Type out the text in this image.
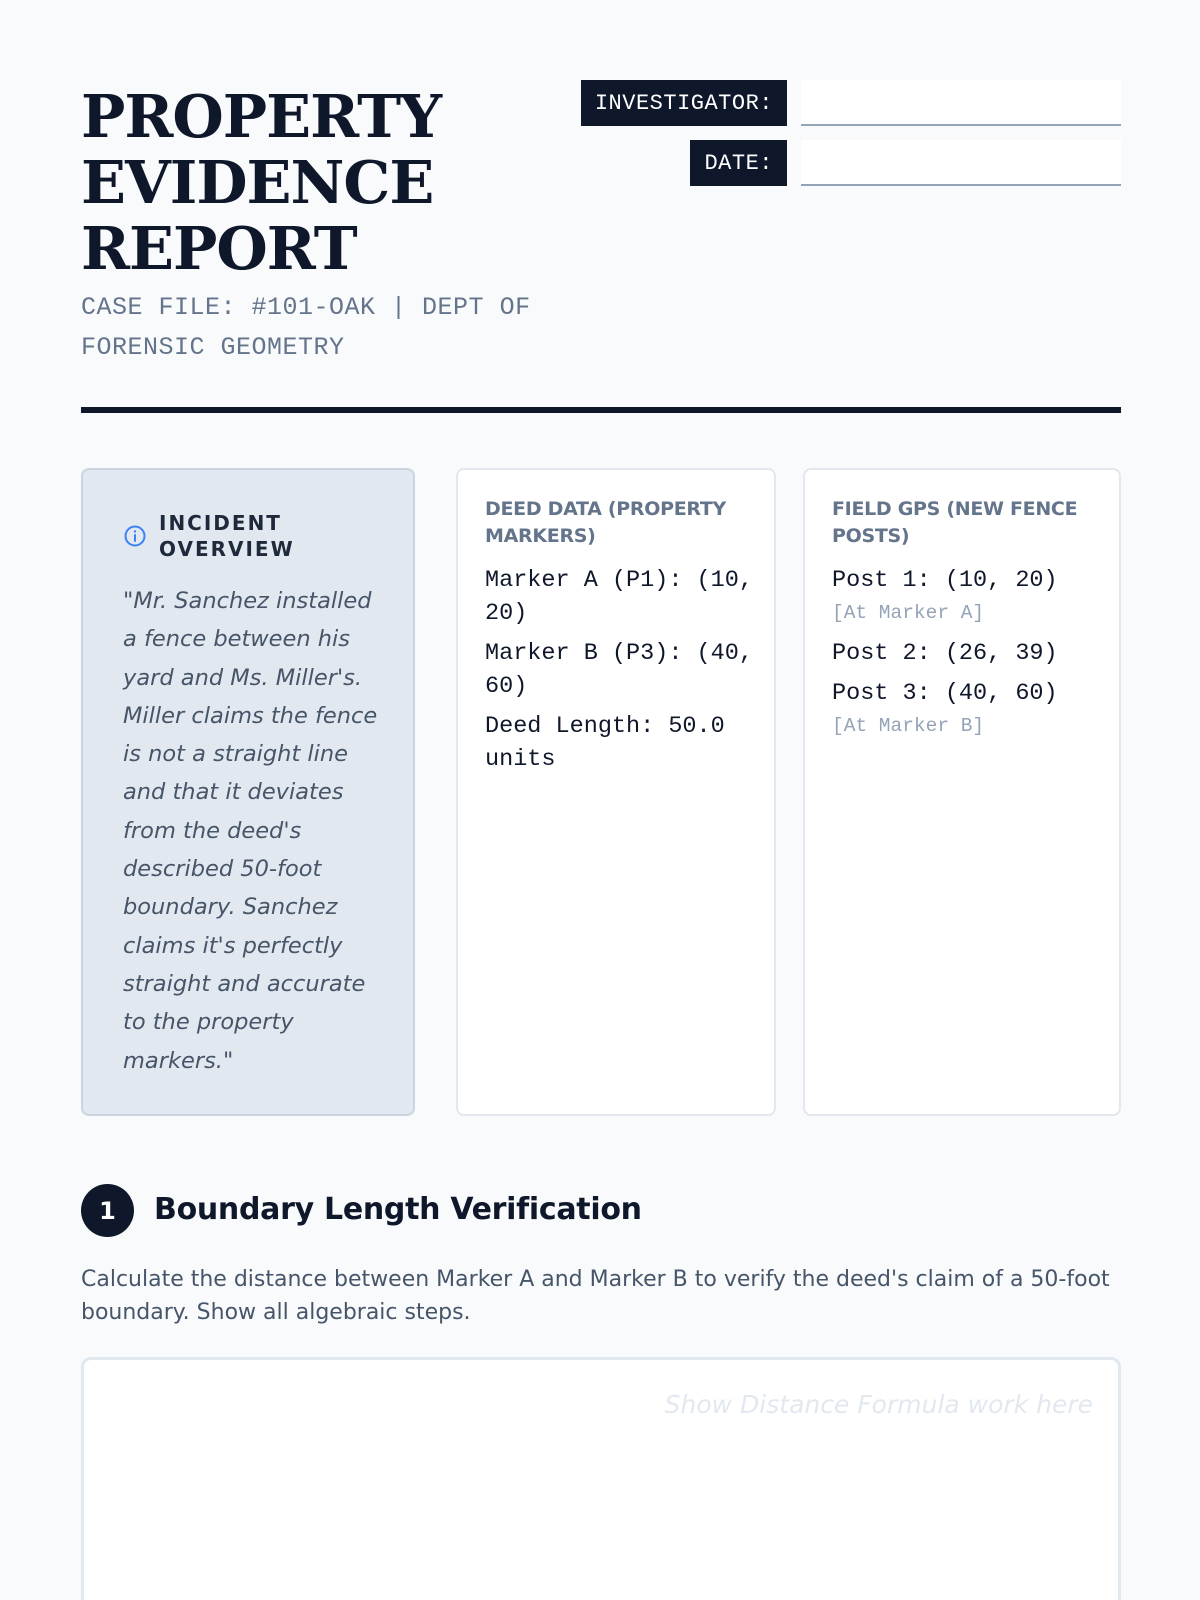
PROPERTY
EVIDENCE
REPORT
CASE FILE: #101-OAK | DEPT OF FORENSIC GEOMETRY
INVESTIGATOR:
DATE:
INCIDENT OVERVIEW
"Mr. Sanchez installed a fence between his yard and Ms. Miller's. Miller claims the fence is not a straight line and that it deviates from the deed's described 50-foot boundary. Sanchez claims it's perfectly straight and accurate to the property markers."
DEED DATA (PROPERTY MARKERS)
Marker A (P1): (10, 20)
Marker B (P3): (40, 60)
Deed Length: 50.0 units
FIELD GPS (NEW FENCE POSTS)
Post 1: (10, 20)
[At Marker A]
Post 2: (26, 39)
Post 3: (40, 60)
[At Marker B]
1	Boundary Length Verification
Calculate the distance between Marker A and Marker B to verify the deed's claim of a 50-foot boundary. Show all algebraic steps.
Show Distance Formula work here
